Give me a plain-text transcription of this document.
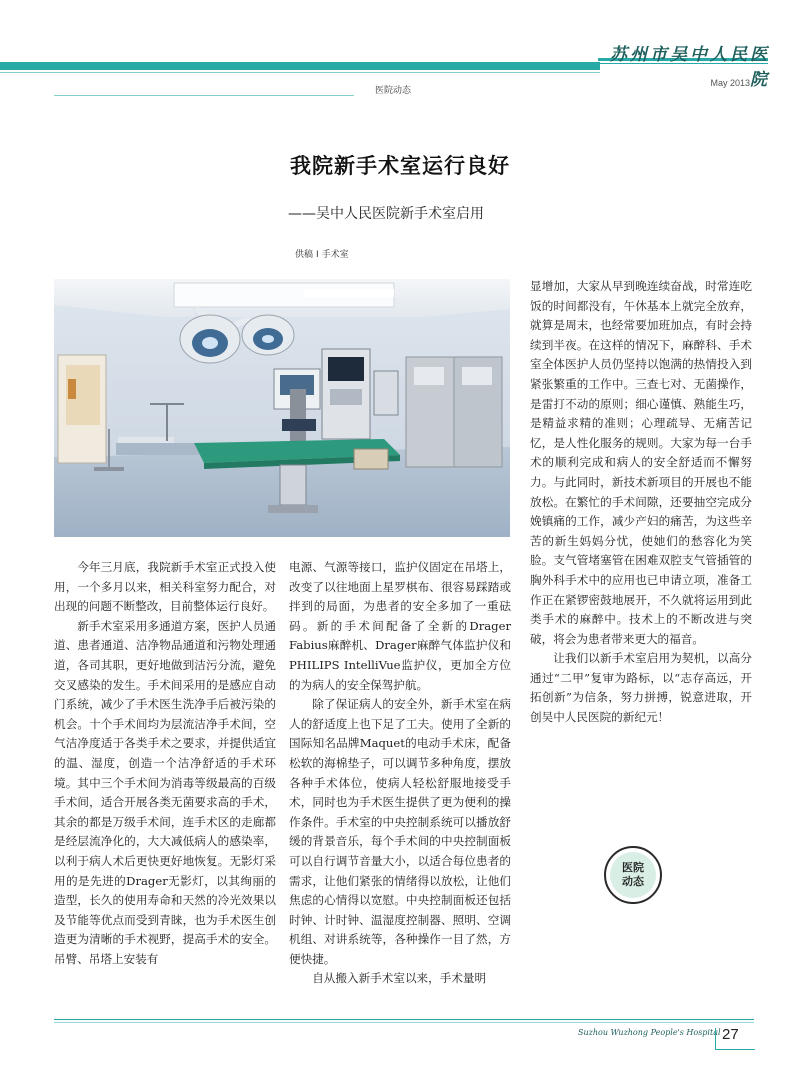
苏州市吴中人民医院
May 2013
医院动态
我院新手术室运行良好
——吴中人民医院新手术室启用
供稿 I 手术室

今年三月底，我院新手术室正式投入使用，一个多月以来，相关科室努力配合，对出现的问题不断整改，目前整体运行良好。

新手术室采用多通道方案，医护人员通道、患者通道、洁净物品通道和污物处理通道，各司其职，更好地做到洁污分流，避免交叉感染的发生。手术间采用的是感应自动门系统，减少了手术医生洗净手后被污染的机会。十个手术间均为层流洁净手术间，空气洁净度适于各类手术之要求，并提供适宜的温、湿度，创造一个洁净舒适的手术环境。其中三个手术间为消毒等级最高的百级手术间，适合开展各类无菌要求高的手术，其余的都是万级手术间，连手术区的走廊都是经层流净化的，大大减低病人的感染率，以利于病人术后更快更好地恢复。无影灯采用的是先进的Drager无影灯，以其绚丽的造型，长久的使用寿命和天然的冷光效果以及节能等优点而受到青睐，也为手术医生创造更为清晰的手术视野，提高手术的安全。吊臂、吊塔上安装有

电源、气源等接口，监护仪固定在吊塔上，改变了以往地面上星罗棋布、很容易踩踏或拌到的局面，为患者的安全多加了一重砝码。新的手术间配备了全新的Drager Fabius麻醉机、Drager麻醉气体监护仪和PHILIPS IntelliVue监护仪，更加全方位的为病人的安全保驾护航。

除了保证病人的安全外，新手术室在病人的舒适度上也下足了工夫。使用了全新的国际知名品牌Maquet的电动手术床，配备松软的海棉垫子，可以调节多种角度，摆放各种手术体位，使病人轻松舒服地接受手术，同时也为手术医生提供了更为便利的操作条件。手术室的中央控制系统可以播放舒缓的背景音乐，每个手术间的中央控制面板可以自行调节音量大小，以适合每位患者的需求，让他们紧张的情绪得以放松，让他们焦虑的心情得以宽慰。中央控制面板还包括时钟、计时钟、温湿度控制器、照明、空调机组、对讲系统等，各种操作一目了然，方便快捷。

自从搬入新手术室以来，手术量明

显增加，大家从早到晚连续奋战，时常连吃饭的时间都没有，午休基本上就完全放弃，就算是周末，也经常要加班加点，有时会持续到半夜。在这样的情况下，麻醉科、手术室全体医护人员仍坚持以饱满的热情投入到紧张繁重的工作中。三查七对、无菌操作，是雷打不动的原则；细心谨慎、熟能生巧，是精益求精的准则；心理疏导、无痛苦记忆，是人性化服务的规则。大家为每一台手术的顺利完成和病人的安全舒适而不懈努力。与此同时，新技术新项目的开展也不能放松。在繁忙的手术间隙，还要抽空完成分娩镇痛的工作，减少产妇的痛苦，为这些辛苦的新生妈妈分忧，使她们的愁容化为笑脸。支气管堵塞管在困难双腔支气管插管的胸外科手术中的应用也已申请立项，准备工作正在紧锣密鼓地展开，不久就将运用到此类手术的麻醉中。技术上的不断改进与突破，将会为患者带来更大的福音。

让我们以新手术室启用为契机，以高分通过“二甲”复审为路标，以“志存高远，开拓创新”为信条，努力拼搏，锐意进取，开创吴中人民医院的新纪元！

医院
动态
Suzhou Wuzhong People's Hospital 27
